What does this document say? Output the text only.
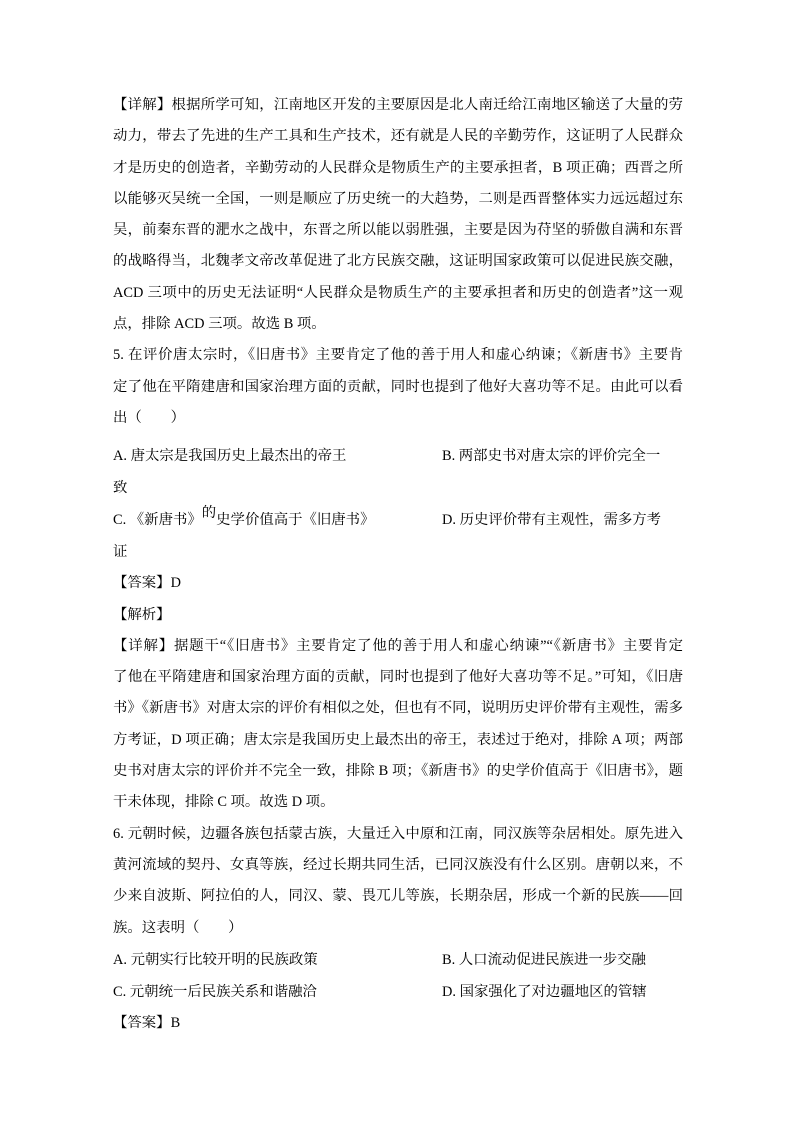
【详解】根据所学可知，江南地区开发的主要原因是北人南迁给江南地区输送了大量的劳
动力，带去了先进的生产工具和生产技术，还有就是人民的辛勤劳作，这证明了人民群众
才是历史的创造者，辛勤劳动的人民群众是物质生产的主要承担者，B 项正确；西晋之所
以能够灭吴统一全国，一则是顺应了历史统一的大趋势，二则是西晋整体实力远远超过东
吴，前秦东晋的淝水之战中，东晋之所以能以弱胜强，主要是因为苻坚的骄傲自满和东晋
的战略得当，北魏孝文帝改革促进了北方民族交融，这证明国家政策可以促进民族交融，
ACD 三项中的历史无法证明“人民群众是物质生产的主要承担者和历史的创造者”这一观
点，排除 ACD 三项。故选 B 项。
5. 在评价唐太宗时，《旧唐书》主要肯定了他的善于用人和虚心纳谏；《新唐书》主要肯
定了他在平隋建唐和国家治理方面的贡献，同时也提到了他好大喜功等不足。由此可以看
出（　　）
A. 唐太宗是我国历史上最杰出的帝王	B. 两部史书对唐太宗的评价完全一
致
C. 《新唐书》的史学价值高于《旧唐书》	D. 历史评价带有主观性，需多方考
证
【答案】D
【解析】
【详解】据题干“《旧唐书》主要肯定了他的善于用人和虚心纳谏”“《新唐书》主要肯定
了他在平隋建唐和国家治理方面的贡献，同时也提到了他好大喜功等不足。”可知，《旧唐
书》《新唐书》对唐太宗的评价有相似之处，但也有不同，说明历史评价带有主观性，需多
方考证，D 项正确；唐太宗是我国历史上最杰出的帝王，表述过于绝对，排除 A 项；两部
史书对唐太宗的评价并不完全一致，排除 B 项；《新唐书》的史学价值高于《旧唐书》，题
干未体现，排除 C 项。故选 D 项。
6. 元朝时候，边疆各族包括蒙古族，大量迁入中原和江南，同汉族等杂居相处。原先进入
黄河流域的契丹、女真等族，经过长期共同生活，已同汉族没有什么区别。唐朝以来，不
少来自波斯、阿拉伯的人，同汉、蒙、畏兀儿等族，长期杂居，形成一个新的民族——回
族。这表明（　　）
A. 元朝实行比较开明的民族政策	B. 人口流动促进民族进一步交融
C. 元朝统一后民族关系和谐融洽	D. 国家强化了对边疆地区的管辖
【答案】B
